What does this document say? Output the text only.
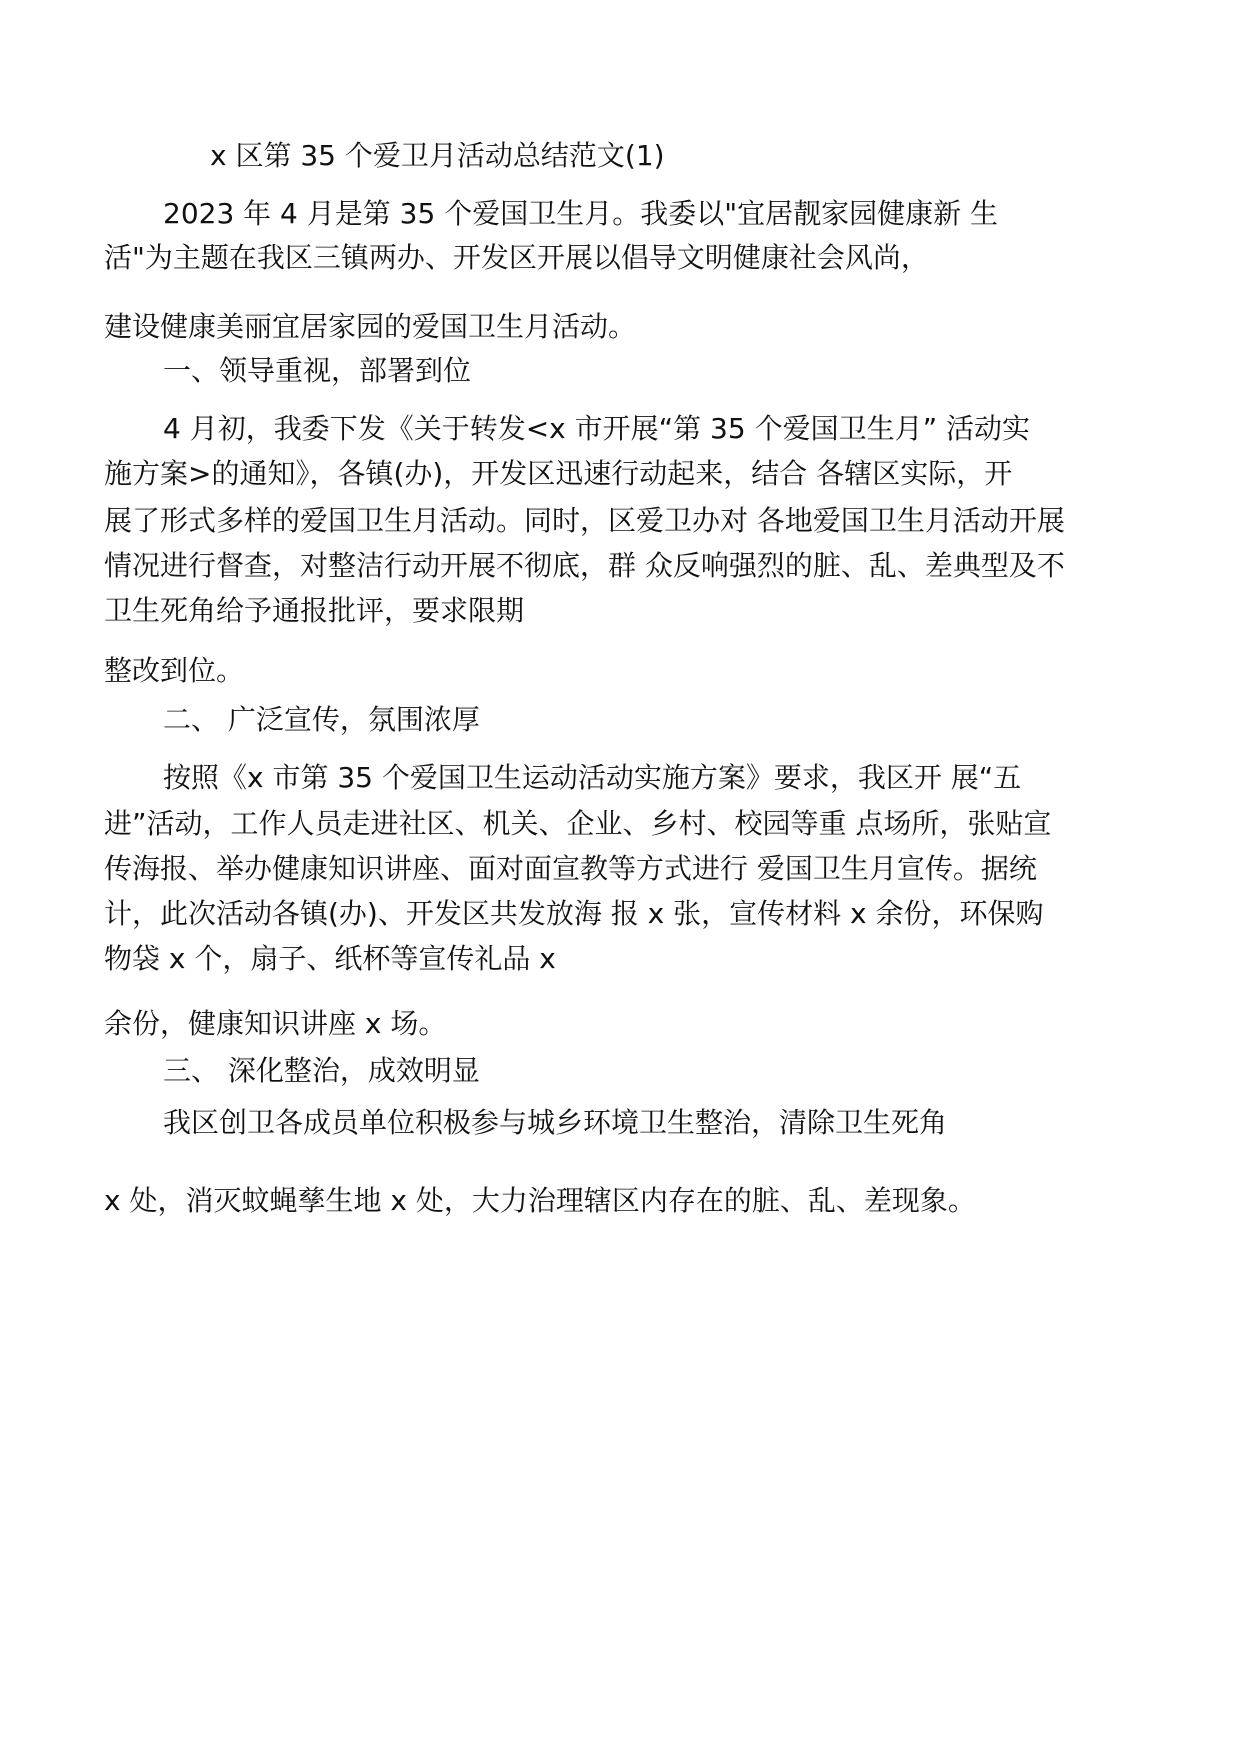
x 区第 35 个爱卫月活动总结范文(1)
2023 年 4 月是第 35 个爱国卫生月。我委以"宜居靓家园健康新 生
活"为主题在我区三镇两办、开发区开展以倡导文明健康社会风尚，
建设健康美丽宜居家园的爱国卫生月活动。
一、领导重视，部署到位
4 月初，我委下发《关于转发<x 市开展“第 35 个爱国卫生月” 活动实
施方案>的通知》，各镇(办)，开发区迅速行动起来，结合 各辖区实际，开
展了形式多样的爱国卫生月活动。同时，区爱卫办对 各地爱国卫生月活动开展
情况进行督查，对整洁行动开展不彻底，群 众反响强烈的脏、乱、差典型及不
卫生死角给予通报批评，要求限期
整改到位。
二、 广泛宣传，氛围浓厚
按照《x 市第 35 个爱国卫生运动活动实施方案》要求，我区开 展“五
进”活动，工作人员走进社区、机关、企业、乡村、校园等重 点场所，张贴宣
传海报、举办健康知识讲座、面对面宣教等方式进行 爱国卫生月宣传。据统
计，此次活动各镇(办)、开发区共发放海 报 x 张，宣传材料 x 余份，环保购
物袋 x 个，扇子、纸杯等宣传礼品 x
余份，健康知识讲座 x 场。
三、 深化整治，成效明显
我区创卫各成员单位积极参与城乡环境卫生整治，清除卫生死角
x 处，消灭蚊蝇孳生地 x 处，大力治理辖区内存在的脏、乱、差现象。
